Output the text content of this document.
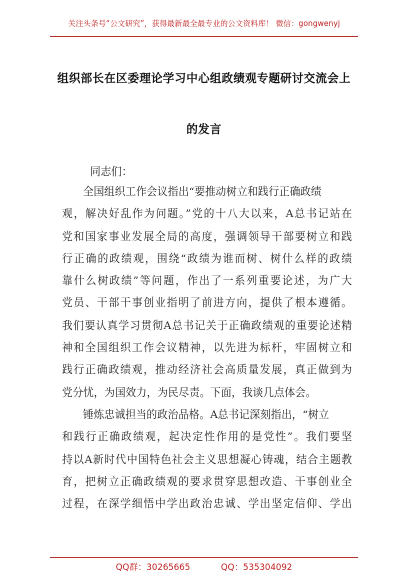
关注头条号“公文研究”，获得最新最全最专业的公文资料库！ 微信：gongwenyj
组织部长在区委理论学习中心组政绩观专题研讨交流会上
的发言
同志们：
全国组织工作会议指出“要推动树立和践行正确政绩
观，解决好乱作为问题。”党的十八大以来，A总书记站在
党和国家事业发展全局的高度，强调领导干部要树立和践
行正确的政绩观，围绕“政绩为谁而树、树什么样的政绩
靠什么树政绩”等问题，作出了一系列重要论述，为广大
党员、干部干事创业指明了前进方向，提供了根本遵循。
我们要认真学习贯彻A总书记关于正确政绩观的重要论述精
神和全国组织工作会议精神，以先进为标杆，牢固树立和
践行正确政绩观，推动经济社会高质量发展，真正做到为
党分忧，为国效力，为民尽责。下面，我谈几点体会。
锤炼忠诚担当的政治品格。A总书记深刻指出，“树立
和践行正确政绩观，起决定性作用的是党性”。我们要坚
持以A新时代中国特色社会主义思想凝心铸魂，结合主题教
育，把树立正确政绩观的要求贯穿思想改造、干事创业全
过程，在深学细悟中学出政治忠诚、学出坚定信仰、学出
QQ群：30265665	QQ：535304092
